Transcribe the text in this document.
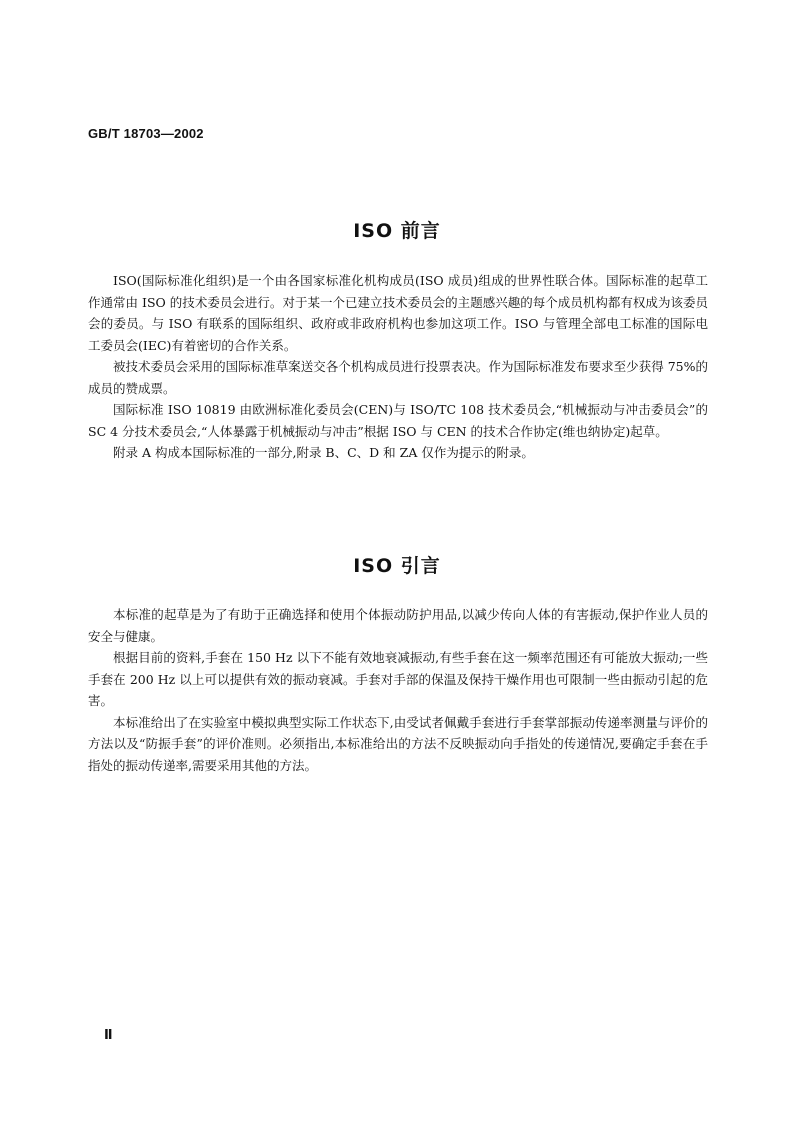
GB/T 18703—2002
ISO 前言

ISO(国际标准化组织)是一个由各国家标准化机构成员(ISO 成员)组成的世界性联合体。国际标准的起草工作通常由 ISO 的技术委员会进行。对于某一个已建立技术委员会的主题感兴趣的每个成员机构都有权成为该委员会的委员。与 ISO 有联系的国际组织、政府或非政府机构也参加这项工作。ISO 与管理全部电工标准的国际电工委员会(IEC)有着密切的合作关系。

被技术委员会采用的国际标准草案送交各个机构成员进行投票表决。作为国际标准发布要求至少获得 75%的成员的赞成票。

国际标准 ISO 10819 由欧洲标准化委员会(CEN)与 ISO/TC 108 技术委员会,“机械振动与冲击委员会”的 SC 4 分技术委员会,“人体暴露于机械振动与冲击”根据 ISO 与 CEN 的技术合作协定(维也纳协定)起草。

附录 A 构成本国际标准的一部分,附录 B、C、D 和 ZA 仅作为提示的附录。

ISO 引言

本标准的起草是为了有助于正确选择和使用个体振动防护用品,以减少传向人体的有害振动,保护作业人员的安全与健康。

根据目前的资料,手套在 150 Hz 以下不能有效地衰减振动,有些手套在这一频率范围还有可能放大振动;一些手套在 200 Hz 以上可以提供有效的振动衰减。手套对手部的保温及保持干燥作用也可限制一些由振动引起的危害。

本标准给出了在实验室中模拟典型实际工作状态下,由受试者佩戴手套进行手套掌部振动传递率测量与评价的方法以及“防振手套”的评价准则。必须指出,本标准给出的方法不反映振动向手指处的传递情况,要确定手套在手指处的振动传递率,需要采用其他的方法。

Ⅱ
